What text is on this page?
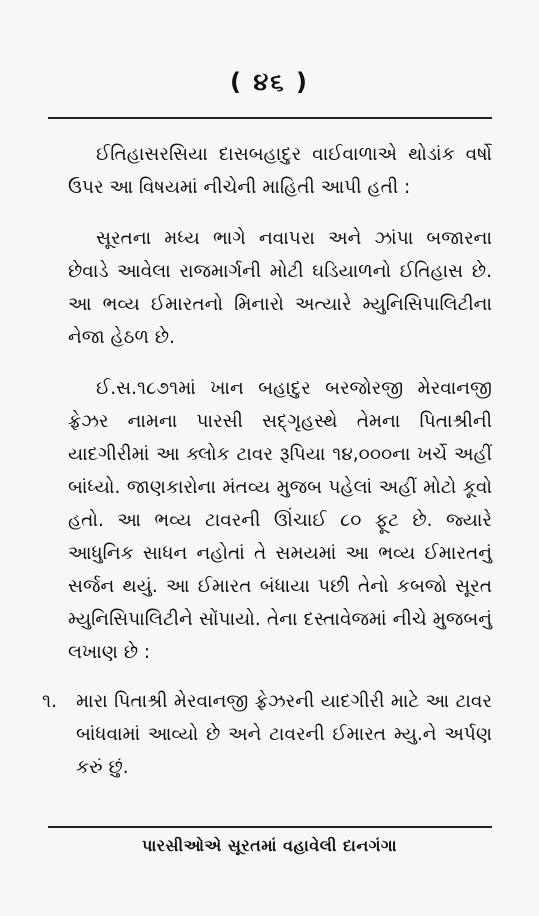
( ૪૬ )

ઈતિહાસરસિયા દાસબહાદુર વાઈવાળાએ થોડાંક વર્ષો ઉપર આ વિષયમાં નીચેની માહિતી આપી હતી :

સૂરતના મધ્ય ભાગે નવાપરા અને ઝાંપા બજારના છેવાડે આવેલા રાજમાર્ગની મોટી ઘડિયાળનો ઈતિહાસ છે. આ ભવ્ય ઈમારતનો મિનારો અત્યારે મ્યુનિસિપાલિટીના નેજા હેઠળ છે.

ઈ.સ.૧૮૭૧માં ખાન બહાદુર બરજોરજી મેરવાનજી ફ્રેઝર નામના પારસી સદ્‌ગૃહસ્થે તેમના પિતાશ્રીની યાદગીરીમાં આ ક્લોક ટાવર રૂપિયા ૧૪,૦૦૦ના ખર્ચે અહીં બાંધ્યો. જાણકારોના મંતવ્ય મુજબ પહેલાં અહીં મોટો કૂવો હતો. આ ભવ્ય ટાવરની ઊંચાઈ ૮૦ ફૂટ છે. જ્યારે આધુનિક સાધન નહોતાં તે સમયમાં આ ભવ્ય ઈમારતનું સર્જન થયું. આ ઈમારત બંધાયા પછી તેનો કબજો સૂરત મ્યુનિસિપાલિટીને સોંપાયો. તેના દસ્તાવેજમાં નીચે મુજબનું લખાણ છે :

૧.	મારા પિતાશ્રી મેરવાનજી ફ્રેઝરની યાદગીરી માટે આ ટાવર બાંધવામાં આવ્યો છે અને ટાવરની ઈમારત મ્યુ.ને અર્પણ કરું છું.
પારસીઓએ સૂરતમાં વહાવેલી દાનગંગા
